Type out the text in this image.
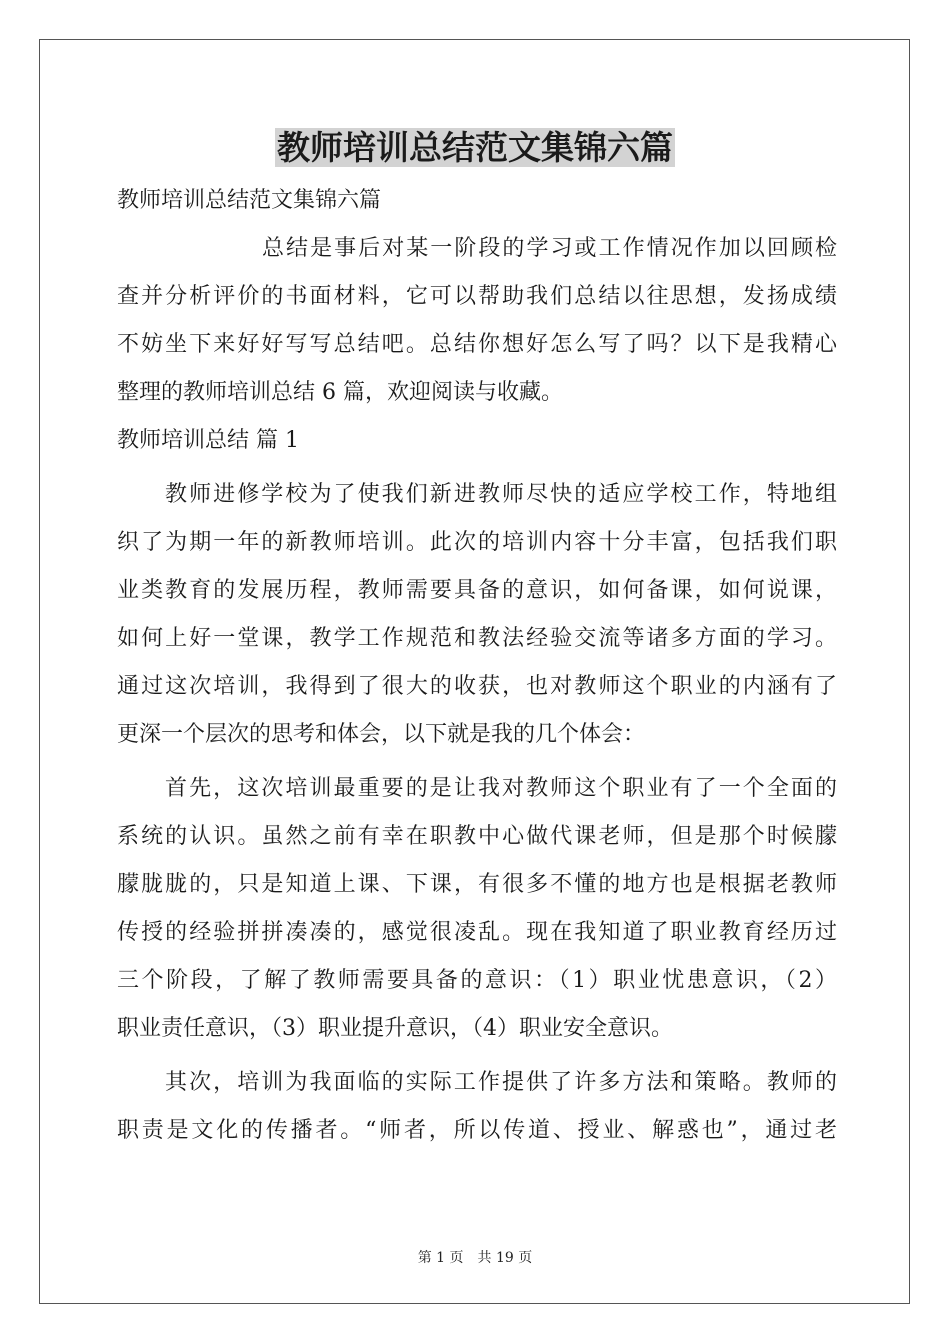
教师培训总结范文集锦六篇

教师培训总结范文集锦六篇

总结是事后对某一阶段的学习或工作情况作加以回顾检

查并分析评价的书面材料，它可以帮助我们总结以往思想，发扬成绩

不妨坐下来好好写写总结吧。总结你想好怎么写了吗？以下是我精心

整理的教师培训总结 6 篇，欢迎阅读与收藏。

教师培训总结 篇 1

教师进修学校为了使我们新进教师尽快的适应学校工作，特地组

织了为期一年的新教师培训。此次的培训内容十分丰富，包括我们职

业类教育的发展历程，教师需要具备的意识，如何备课，如何说课，

如何上好一堂课，教学工作规范和教法经验交流等诸多方面的学习。

通过这次培训，我得到了很大的收获，也对教师这个职业的内涵有了

更深一个层次的思考和体会，以下就是我的几个体会：

首先，这次培训最重要的是让我对教师这个职业有了一个全面的

系统的认识。虽然之前有幸在职教中心做代课老师，但是那个时候朦

朦胧胧的，只是知道上课、下课，有很多不懂的地方也是根据老教师

传授的经验拼拼凑凑的，感觉很凌乱。现在我知道了职业教育经历过

三个阶段，了解了教师需要具备的意识：（1）职业忧患意识，（2）

职业责任意识，（3）职业提升意识，（4）职业安全意识。

其次，培训为我面临的实际工作提供了许多方法和策略。教师的

职责是文化的传播者。“师者，所以传道、授业、解惑也”，通过老

第 1 页 共 19 页
